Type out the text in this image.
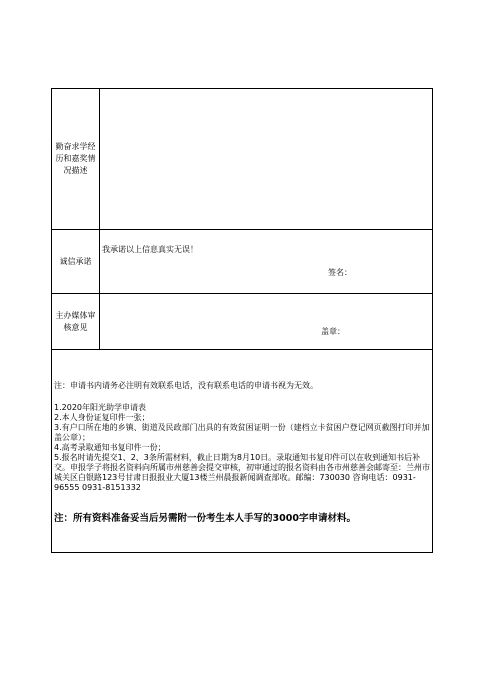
勤奋求学经历和嘉奖情况描述
诚信承诺
我承诺以上信息真实无误！
签名：
主办媒体审核意见	盖章：
注：申请书内请务必注明有效联系电话，没有联系电话的申请书视为无效。
1.2020年阳光助学申请表
2.本人身份证复印件一张；
3.有户口所在地的乡镇、街道及民政部门出具的有效贫困证明一份（建档立卡贫困户登记网页截图打印并加盖公章）；
4.高考录取通知书复印件一份；
5.报名时请先提交1、2、3条所需材料，截止日期为8月10日。录取通知书复印件可以在收到通知书后补交。申报学子将报名资料向所属市州慈善会提交审核，初审通过的报名资料由各市州慈善会邮寄至：兰州市城关区白银路123号甘肃日报报业大厦13楼兰州晨报新闻调查部收。邮编：730030 咨询电话：0931-96555 0931-8151332
注：所有资料准备妥当后另需附一份考生本人手写的3000字申请材料。
